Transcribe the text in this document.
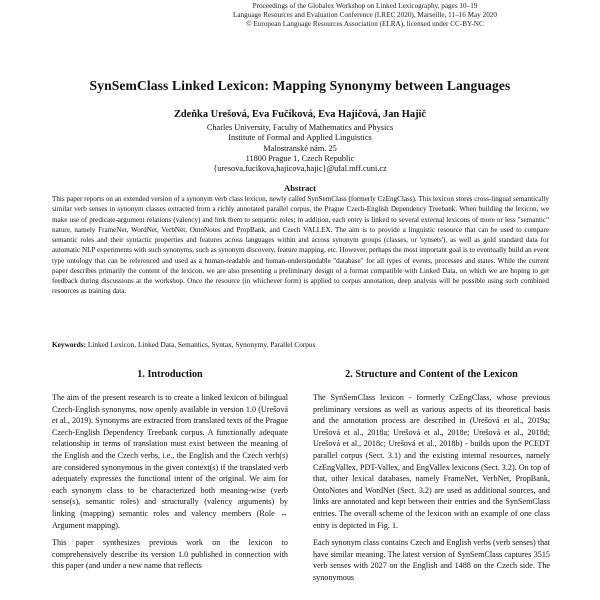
Proceedings of the Globalex Workshop on Linked Lexicography, pages 10–19
Language Resources and Evaluation Conference (LREC 2020), Marseille, 11–16 May 2020
© European Language Resources Association (ELRA), licensed under CC-BY-NC
SynSemClass Linked Lexicon: Mapping Synonymy between Languages
Zdeňka Urešová, Eva Fučíková, Eva Hajičová, Jan Hajič
Charles University, Faculty of Mathematics and Physics
Institute of Formal and Applied Linguistics
Malostranské nám. 25
11800 Prague 1, Czech Republic
{uresova,fucikova,hajicova,hajic}@ufal.mff.cuni.cz
Abstract

This paper reports on an extended version of a synonym verb class lexicon, newly called SynSemClass (formerly CzEngClass). This lexicon stores cross-lingual semantically similar verb senses in synonym classes extracted from a richly annotated parallel corpus, the Prague Czech-English Dependency Treebank. When building the lexicon, we make use of predicate-argument relations (valency) and link them to semantic roles; in addition, each entry is linked to several external lexicons of more or less "semantic" nature, namely FrameNet, WordNet, VerbNet, OntoNotes and PropBank, and Czech VALLEX. The aim is to provide a linguistic resource that can be used to compare semantic roles and their syntactic properties and features across languages within and across synonym groups (classes, or 'synsets'), as well as gold standard data for automatic NLP experiments with such synonyms, such as synonym discovery, feature mapping, etc. However, perhaps the most important goal is to eventually build an event type ontology that can be referenced and used as a human-readable and human-understandable "database" for all types of events, processes and states. While the current paper describes primarily the content of the lexicon, we are also presenting a preliminary design of a format compatible with Linked Data, on which we are hoping to get feedback during discussions at the workshop. Once the resource (in whichever form) is applied to corpus annotation, deep analysis will be possible using such combined resources as training data.

Keywords: Linked Lexicon, Linked Data, Semantics, Syntax, Synonymy, Parallel Corpus

1. Introduction	2. Structure and Content of the Lexicon

The aim of the present research is to create a linked lexicon of bilingual Czech-English synonyms, now openly available in version 1.0 (Urešová et al., 2019). Synonyms are extracted from translated texts of the Prague Czech-English Dependency Treebank corpus. A functionally adequate relationship in terms of translation must exist between the meaning of the English and the Czech verbs, i.e., the English and the Czech verb(s) are considered synonymous in the given context(s) if the translated verb adequately expresses the functional intent of the original. We aim for each synonym class to be characterized both meaning-wise (verb sense(s), semantic roles) and structurally (valency arguments) by linking (mapping) semantic roles and valency members (Role ↔ Argument mapping).

This paper synthesizes previous work on the lexicon to comprehensively describe its version 1.0 published in connection with this paper (and under a new name that reflects

The SynSemClass lexicon - formerly CzEngClass, whose previous preliminary versions as well as various aspects of its theoretical basis and the annotation process are described in (Urešová et al., 2019a; Urešová et al., 2018a; Urešová et al., 2018e; Urešová et al., 2018d; Urešová et al., 2018c; Urešová et al., 2018b) - builds upon the PCEDT parallel corpus (Sect. 3.1) and the existing internal resources, namely CzEngVallex, PDT-Vallex, and EngVallex lexicons (Sect. 3.2). On top of that, other lexical databases, namely FrameNet, VerbNet, PropBank, OntoNotes and WordNet (Sect. 3.2) are used as additional sources, and links are annotated and kept between their entries and the SynSemClass entries. The overall scheme of the lexicon with an example of one class entry is depicted in Fig. 1.

Each synonym class contains Czech and English verbs (verb senses) that have similar meaning. The latest version of SynSemClass captures 3515 verb senses with 2027 on the English and 1488 on the Czech side. The synonymous
